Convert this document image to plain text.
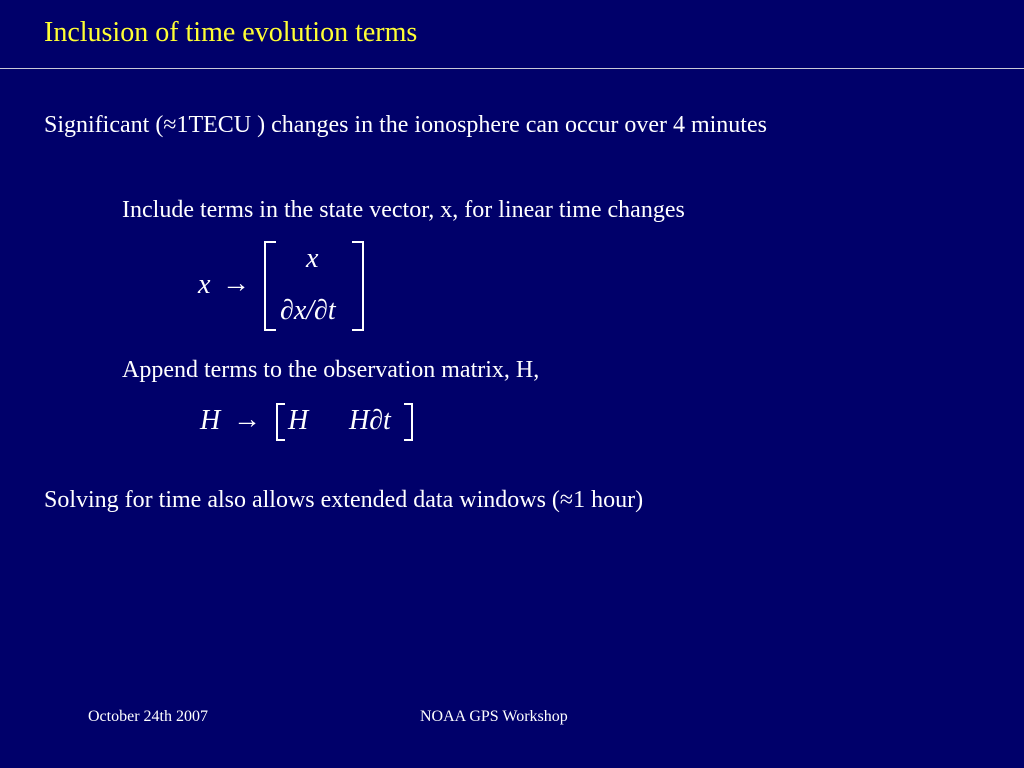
Inclusion of time evolution terms
Significant (≈1TECU ) changes in the ionosphere can occur over 4 minutes
Include terms in the state vector, x, for linear time changes
x →
x
∂x/∂t
Append terms to the observation matrix, H,
H → H H∂t
Solving for time also allows extended data windows (≈1 hour)
October 24th 2007	NOAA GPS Workshop
